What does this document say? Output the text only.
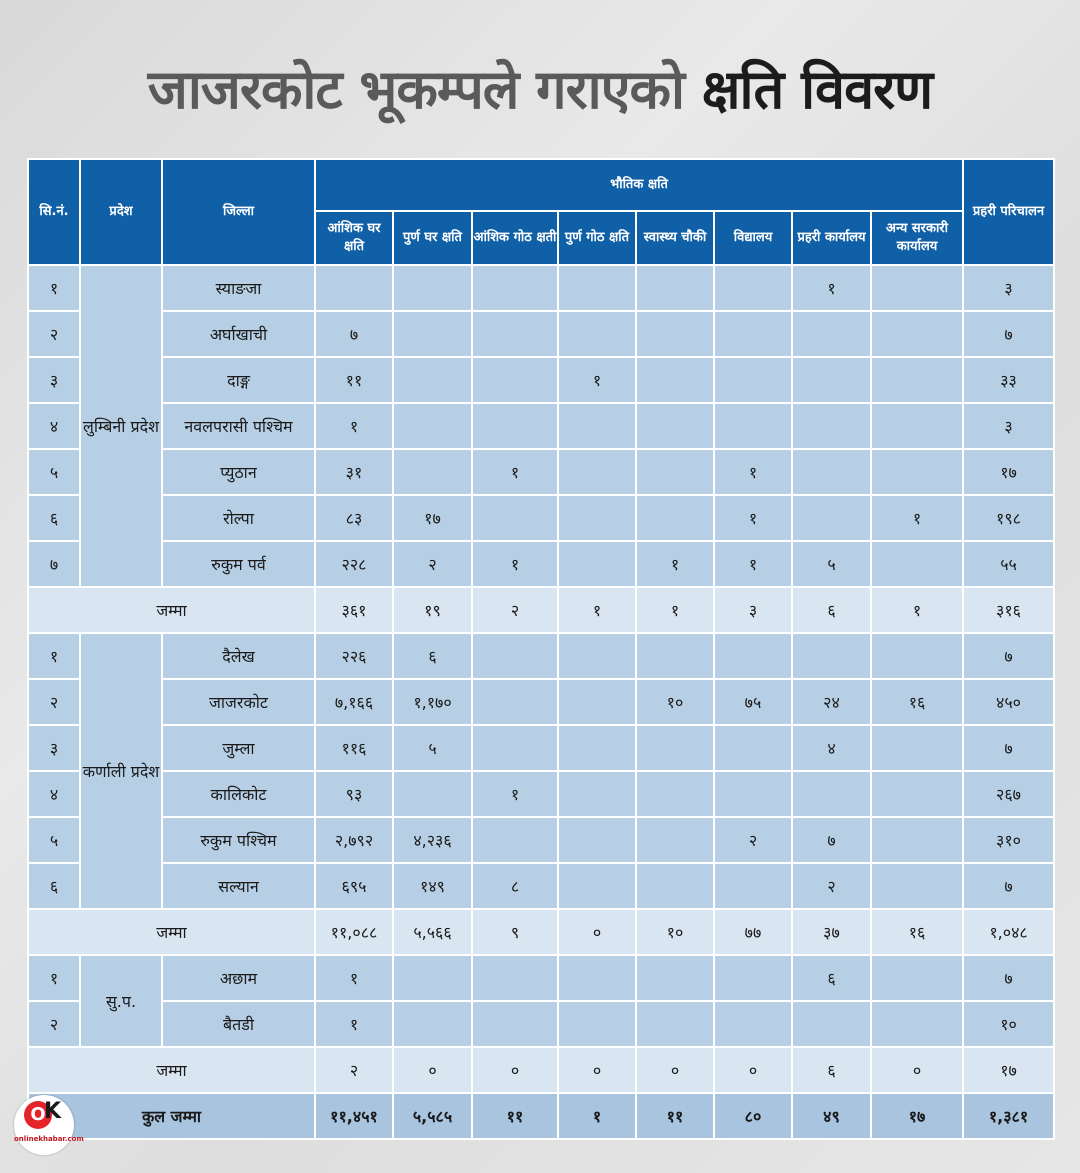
जाजरकोट भूकम्पले गराएको क्षति विवरण
सि.नं.	प्रदेश	जिल्ला	भौतिक क्षति								प्रहरी परिचालन
			आंशिक घर क्षति	पुर्ण घर क्षति	आंशिक गोठ क्षती	पुर्ण गोठ क्षति	स्वास्थ्य चौकी	विद्यालय	प्रहरी कार्यालय	अन्य सरकारी कार्यालय	
१	लुम्बिनी प्रदेश	स्याङजा							१		३
२		अर्घाखाची	७								७
३		दाङ्ग	११			१					३३
४		नवलपरासी पश्चिम	१								३
५		प्युठान	३१		१			१			१७
६		रोल्पा	८३	१७				१		१	१९८
७		रुकुम पर्व	२२८	२	१		१	१	५		५५
जम्मा			३६१	१९	२	१	१	३	६	१	३१६
१	कर्णाली प्रदेश	दैलेख	२२६	६							७
२		जाजरकोट	७,१६६	१,१७०			१०	७५	२४	१६	४५०
३		जुम्ला	११६	५					४		७
४		कालिकोट	९३		१						२६७
५		रुकुम पश्चिम	२,७९२	४,२३६				२	७		३१०
६		सल्यान	६९५	१४९	८				२		७
जम्मा			११,०८८	५,५६६	९	०	१०	७७	३७	१६	१,०४८
१	सु.प.	अछाम	१						६		७
२		बैतडी	१								१०
जम्मा			२	०	०	०	०	०	६	०	१७
कुल जम्मा			११,४५१	५,५८५	११	१	११	८०	४९	१७	१,३८१
O
K
onlinekhabar.com
